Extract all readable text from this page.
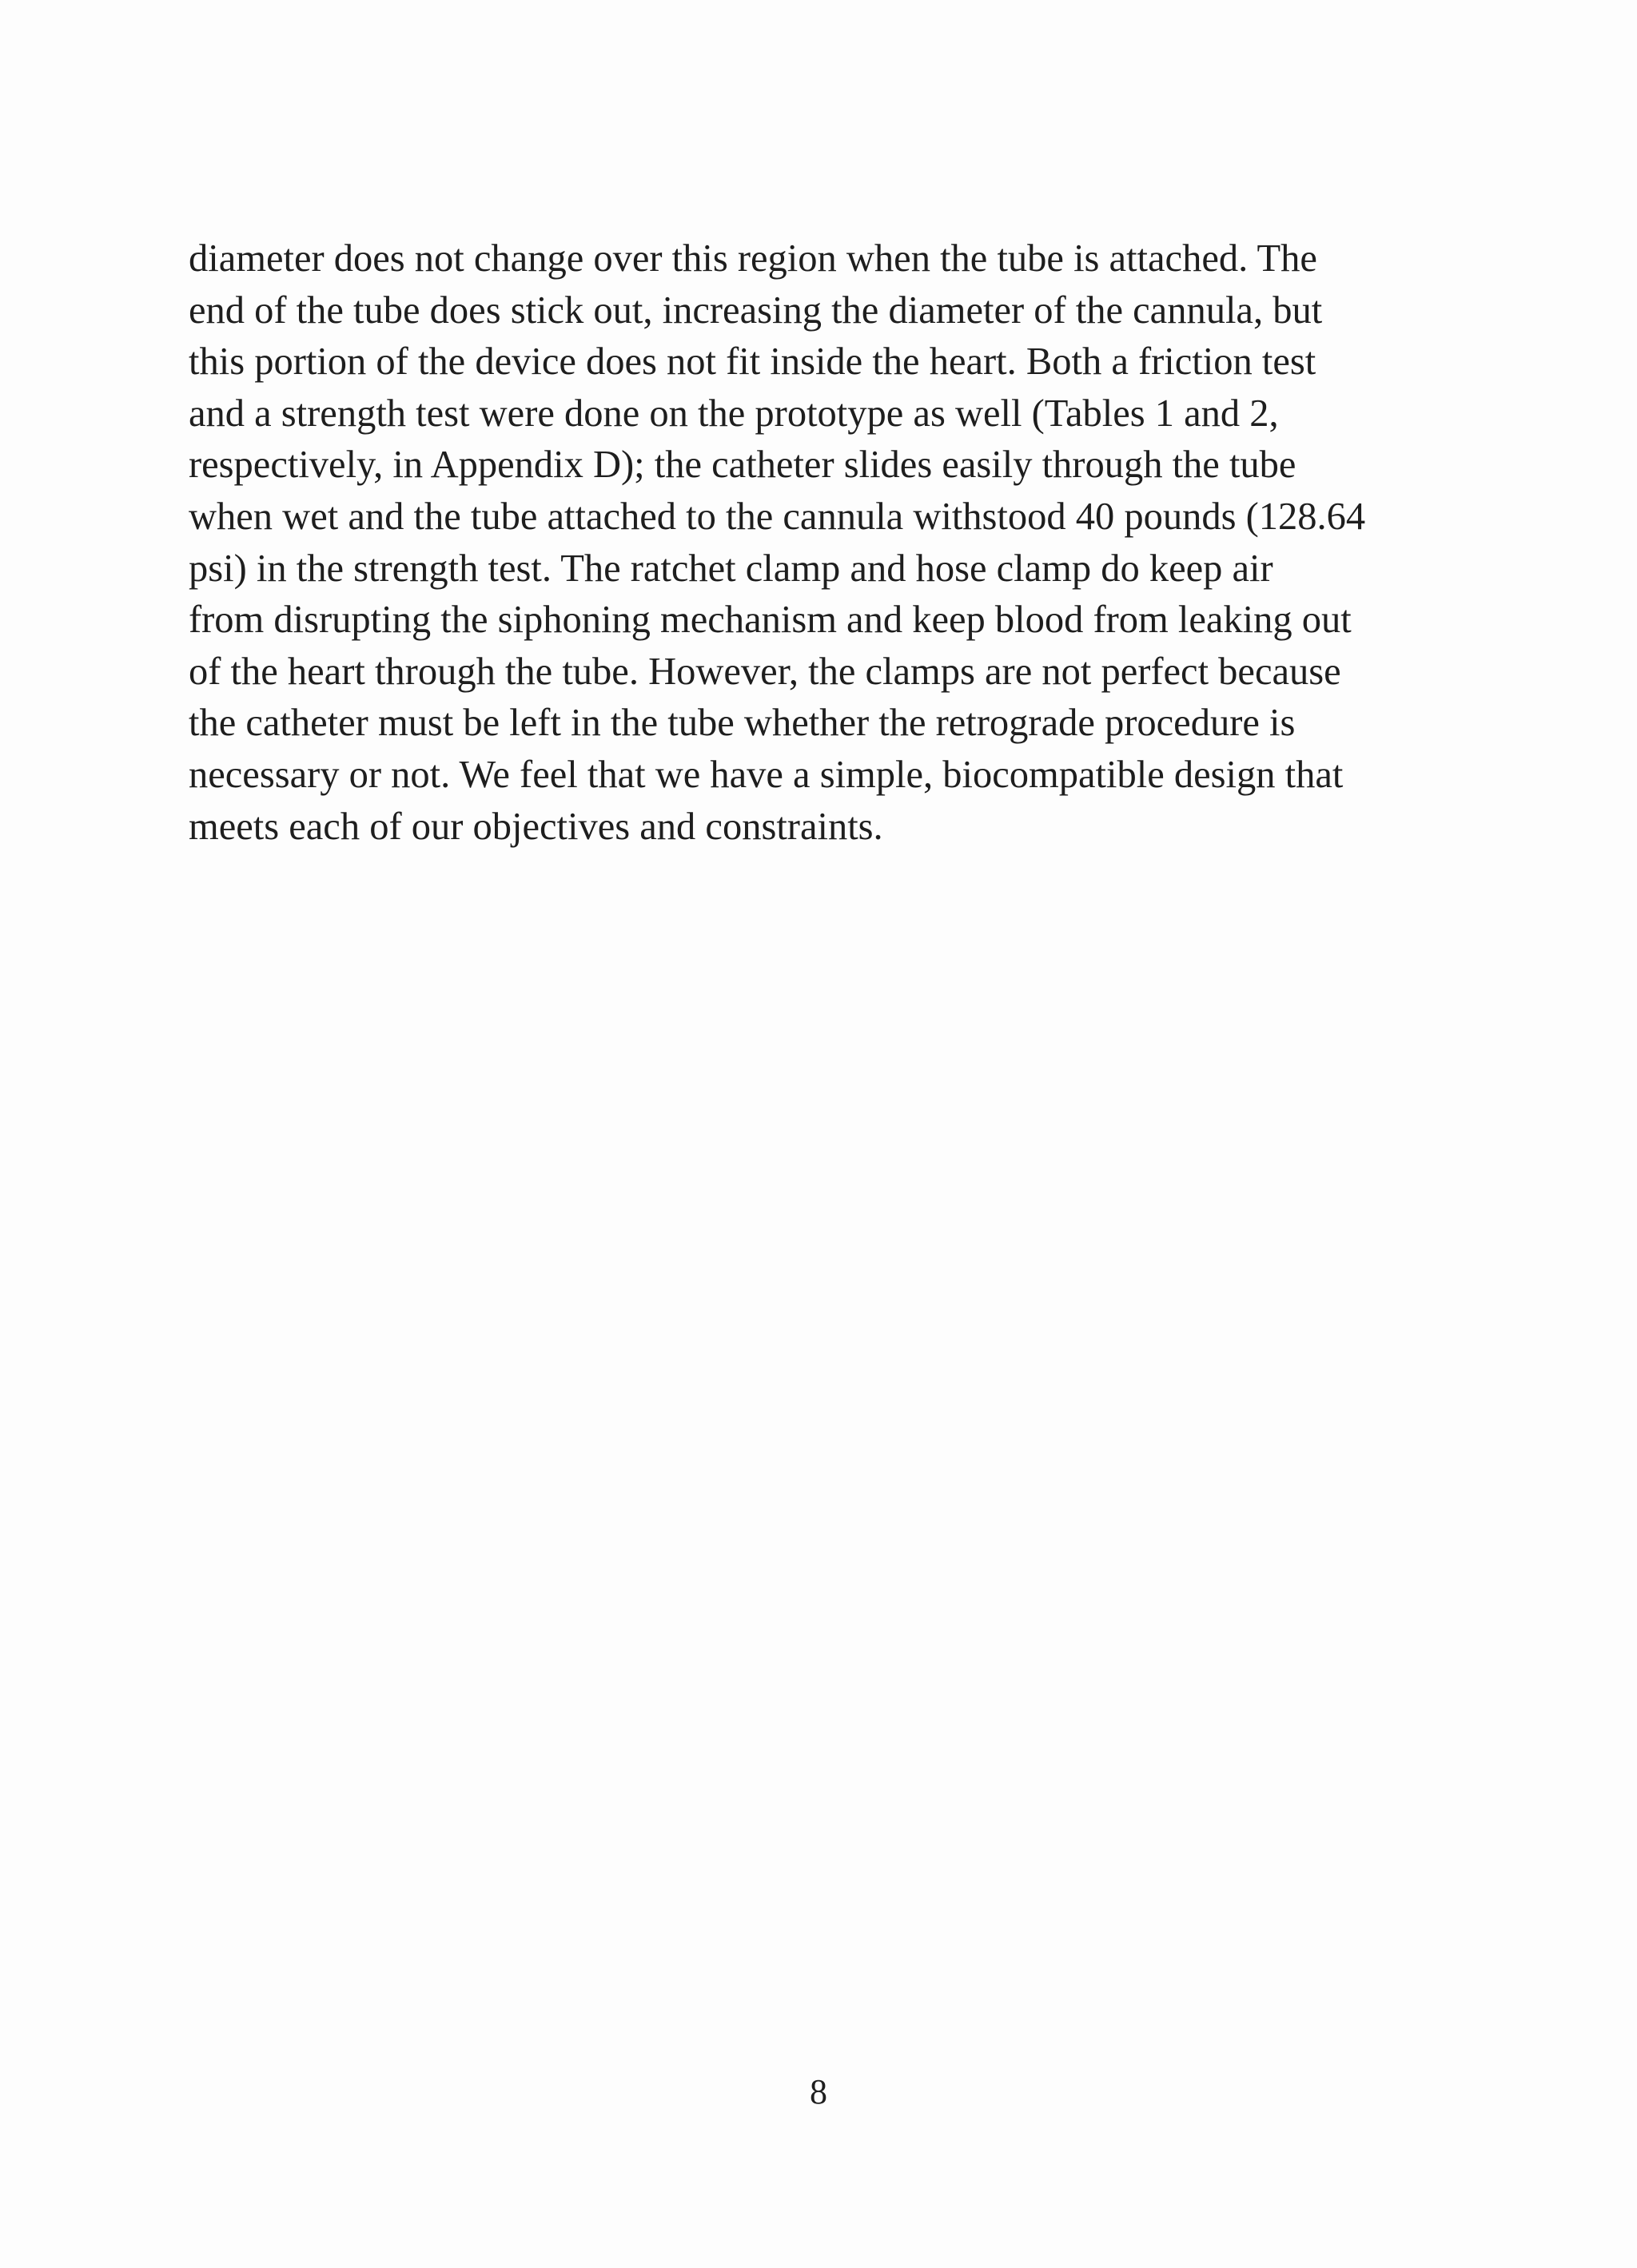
diameter does not change over this region when the tube is attached. The
end of the tube does stick out, increasing the diameter of the cannula, but
this portion of the device does not fit inside the heart. Both a friction test
and a strength test were done on the prototype as well (Tables 1 and 2,
respectively, in Appendix D); the catheter slides easily through the tube
when wet and the tube attached to the cannula withstood 40 pounds (128.64
psi) in the strength test. The ratchet clamp and hose clamp do keep air
from disrupting the siphoning mechanism and keep blood from leaking out
of the heart through the tube. However, the clamps are not perfect because
the catheter must be left in the tube whether the retrograde procedure is
necessary or not. We feel that we have a simple, biocompatible design that
meets each of our objectives and constraints.
8
